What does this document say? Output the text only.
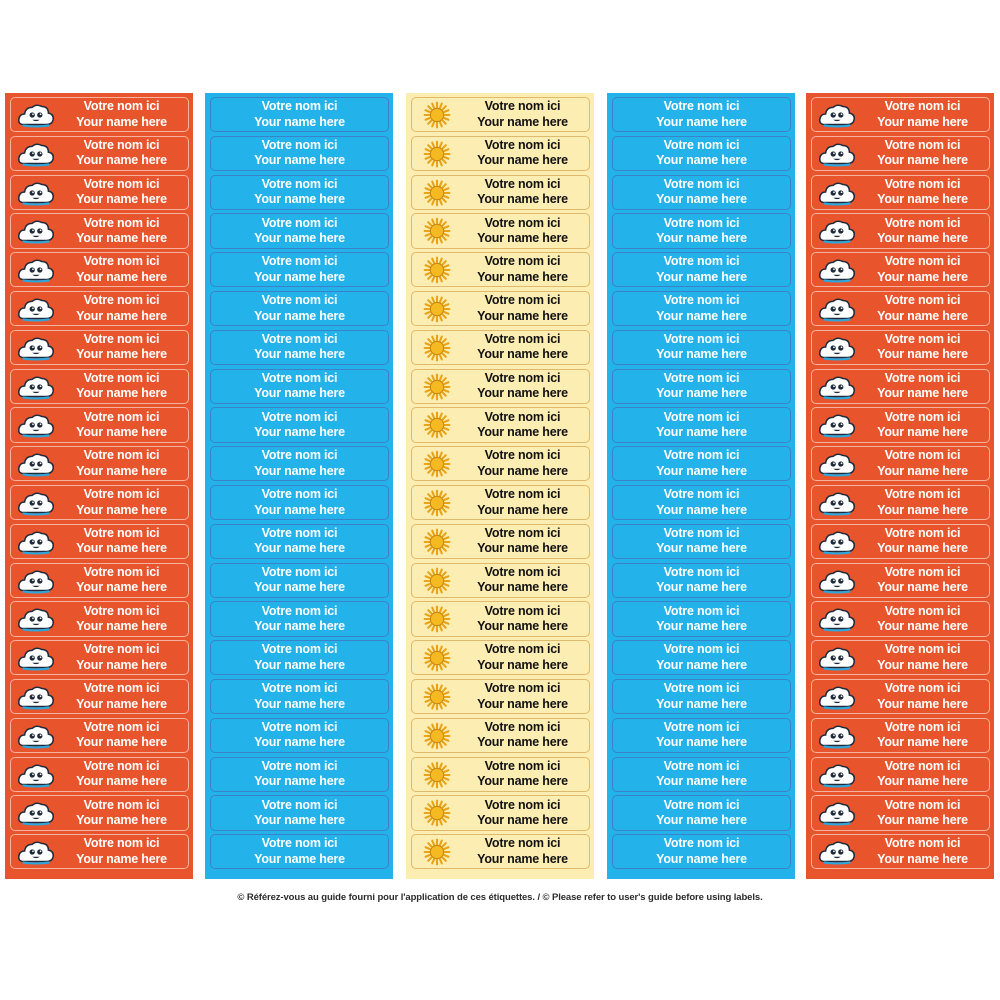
Votre nom ici
Your name here
Votre nom ici
Your name here
Votre nom ici
Your name here
Votre nom ici
Your name here
Votre nom ici
Your name here
Votre nom ici
Your name here
Votre nom ici
Your name here
Votre nom ici
Your name here
Votre nom ici
Your name here
Votre nom ici
Your name here
Votre nom ici
Your name here
Votre nom ici
Your name here
Votre nom ici
Your name here
Votre nom ici
Your name here
Votre nom ici
Your name here
Votre nom ici
Your name here
Votre nom ici
Your name here
Votre nom ici
Your name here
Votre nom ici
Your name here
Votre nom ici
Your name here
Votre nom ici
Your name here
Votre nom ici
Your name here
Votre nom ici
Your name here
Votre nom ici
Your name here
Votre nom ici
Your name here
Votre nom ici
Your name here
Votre nom ici
Your name here
Votre nom ici
Your name here
Votre nom ici
Your name here
Votre nom ici
Your name here
Votre nom ici
Your name here
Votre nom ici
Your name here
Votre nom ici
Your name here
Votre nom ici
Your name here
Votre nom ici
Your name here
Votre nom ici
Your name here
Votre nom ici
Your name here
Votre nom ici
Your name here
Votre nom ici
Your name here
Votre nom ici
Your name here
Votre nom ici
Your name here
Votre nom ici
Your name here
Votre nom ici
Your name here
Votre nom ici
Your name here
Votre nom ici
Your name here
Votre nom ici
Your name here
Votre nom ici
Your name here
Votre nom ici
Your name here
Votre nom ici
Your name here
Votre nom ici
Your name here
Votre nom ici
Your name here
Votre nom ici
Your name here
Votre nom ici
Your name here
Votre nom ici
Your name here
Votre nom ici
Your name here
Votre nom ici
Your name here
Votre nom ici
Your name here
Votre nom ici
Your name here
Votre nom ici
Your name here
Votre nom ici
Your name here
Votre nom ici
Your name here
Votre nom ici
Your name here
Votre nom ici
Your name here
Votre nom ici
Your name here
Votre nom ici
Your name here
Votre nom ici
Your name here
Votre nom ici
Your name here
Votre nom ici
Your name here
Votre nom ici
Your name here
Votre nom ici
Your name here
Votre nom ici
Your name here
Votre nom ici
Your name here
Votre nom ici
Your name here
Votre nom ici
Your name here
Votre nom ici
Your name here
Votre nom ici
Your name here
Votre nom ici
Your name here
Votre nom ici
Your name here
Votre nom ici
Your name here
Votre nom ici
Your name here
Votre nom ici
Your name here
Votre nom ici
Your name here
Votre nom ici
Your name here
Votre nom ici
Your name here
Votre nom ici
Your name here
Votre nom ici
Your name here
Votre nom ici
Your name here
Votre nom ici
Your name here
Votre nom ici
Your name here
Votre nom ici
Your name here
Votre nom ici
Your name here
Votre nom ici
Your name here
Votre nom ici
Your name here
Votre nom ici
Your name here
Votre nom ici
Your name here
Votre nom ici
Your name here
Votre nom ici
Your name here
Votre nom ici
Your name here
Votre nom ici
Your name here
Votre nom ici
Your name here
© Référez-vous au guide fourni pour l'application de ces étiquettes. / © Please refer to user's guide before using labels.
